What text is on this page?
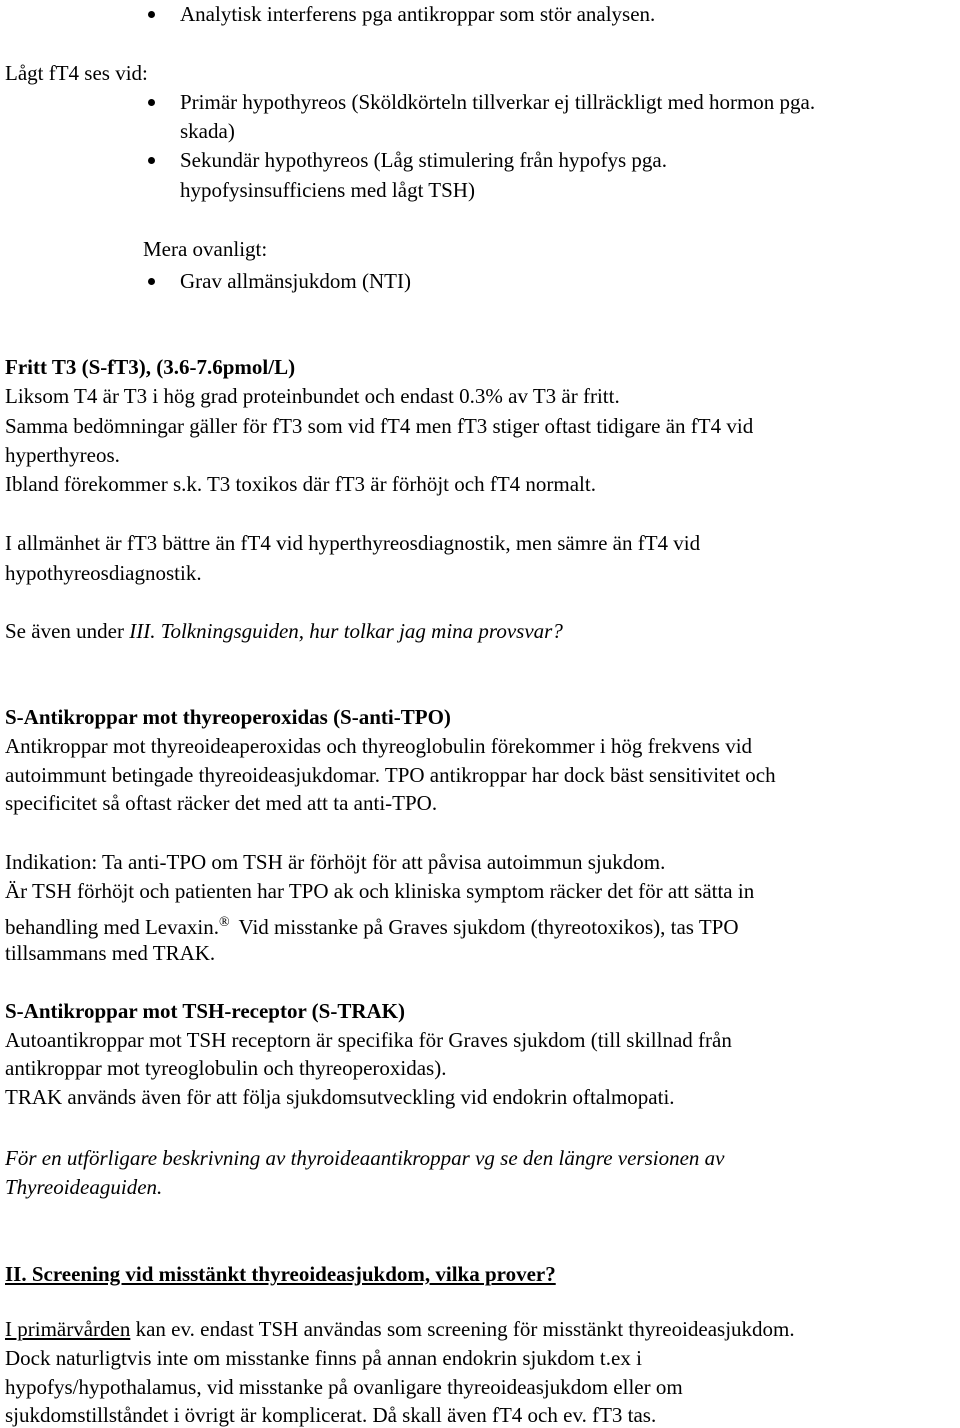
Analytisk interferens pga antikroppar som stör analysen.
Lågt fT4 ses vid:
Primär hypothyreos (Sköldkörteln tillverkar ej tillräckligt med hormon pga.
skada)
Sekundär hypothyreos (Låg stimulering från hypofys pga.
hypofysinsufficiens med lågt TSH)
Mera ovanligt:
Grav allmänsjukdom (NTI)
Fritt T3 (S-fT3), (3.6-7.6pmol/L)
Liksom T4 är T3 i hög grad proteinbundet och endast 0.3% av T3 är fritt.
Samma bedömningar gäller för fT3 som vid fT4 men fT3 stiger oftast tidigare än fT4 vid
hyperthyreos.
Ibland förekommer s.k. T3 toxikos där fT3 är förhöjt och fT4 normalt.
I allmänhet är fT3 bättre än fT4 vid hyperthyreosdiagnostik, men sämre än fT4 vid
hypothyreosdiagnostik.
Se även under III. Tolkningsguiden, hur tolkar jag mina provsvar?
S-Antikroppar mot thyreoperoxidas (S-anti-TPO)
Antikroppar mot thyreoideaperoxidas och thyreoglobulin förekommer i hög frekvens vid
autoimmunt betingade thyreoideasjukdomar. TPO antikroppar har dock bäst sensitivitet och
specificitet så oftast räcker det med att ta anti-TPO.
Indikation: Ta anti-TPO om TSH är förhöjt för att påvisa autoimmun sjukdom.
Är TSH förhöjt och patienten har TPO ak och kliniska symptom räcker det för att sätta in
behandling med Levaxin.® Vid misstanke på Graves sjukdom (thyreotoxikos), tas TPO
tillsammans med TRAK.
S-Antikroppar mot TSH-receptor (S-TRAK)
Autoantikroppar mot TSH receptorn är specifika för Graves sjukdom (till skillnad från
antikroppar mot tyreoglobulin och thyreoperoxidas).
TRAK används även för att följa sjukdomsutveckling vid endokrin oftalmopati.
För en utförligare beskrivning av thyroideaantikroppar vg se den längre versionen av
Thyreoideaguiden.
II. Screening vid misstänkt thyreoideasjukdom, vilka prover?
I primärvården kan ev. endast TSH användas som screening för misstänkt thyreoideasjukdom.
Dock naturligtvis inte om misstanke finns på annan endokrin sjukdom t.ex i
hypofys/hypothalamus, vid misstanke på ovanligare thyreoideasjukdom eller om
sjukdomstillståndet i övrigt är komplicerat. Då skall även fT4 och ev. fT3 tas.
